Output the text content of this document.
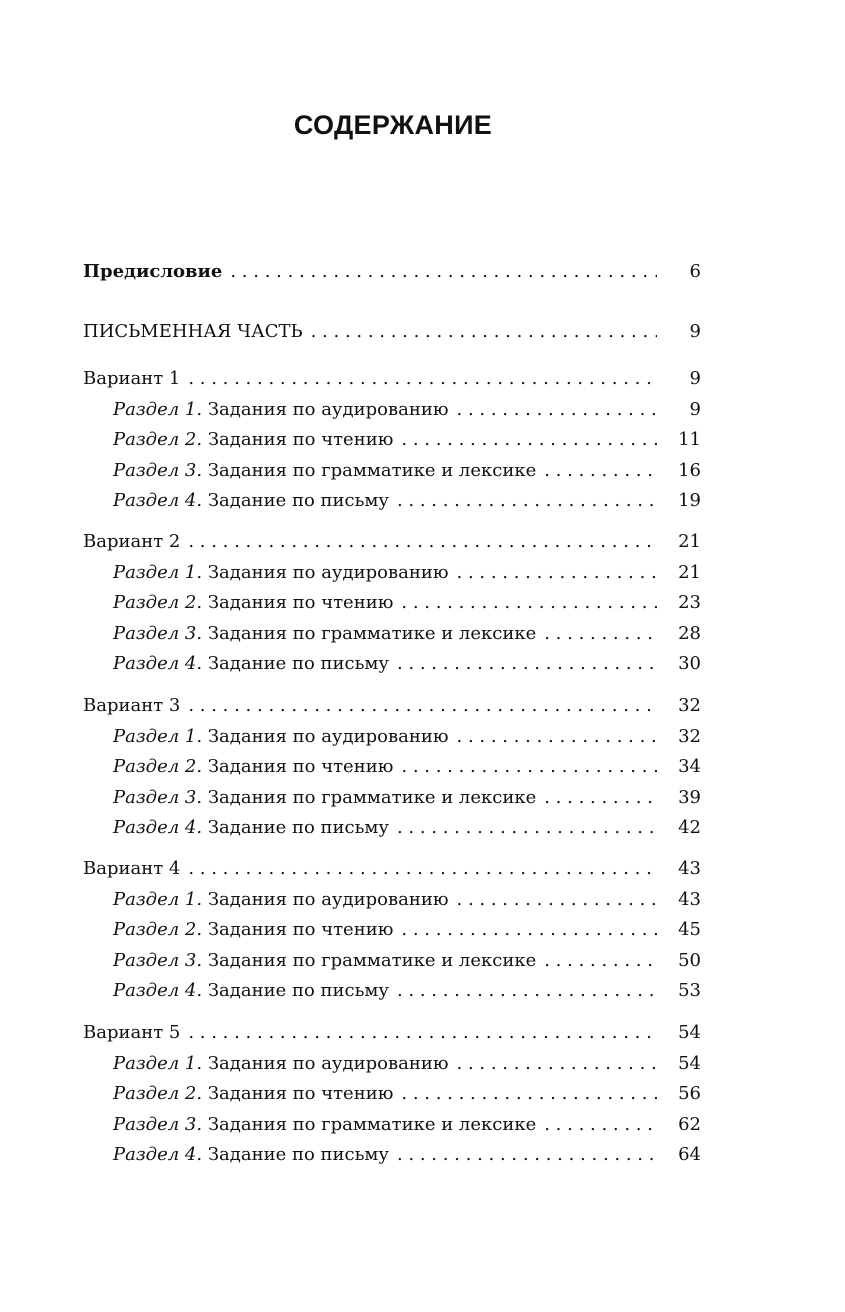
СОДЕРЖАНИЕ
Предисловие . . .	6
ПИСЬМЕННАЯ ЧАСТЬ . . .	9
Вариант 1 . . .	9
Раздел 1. Задания по аудированию . . .	9
Раздел 2. Задания по чтению . . .	11
Раздел 3. Задания по грамматике и лексике . . .	16
Раздел 4. Задание по письму . . .	19
Вариант 2 . . .	21
Раздел 1. Задания по аудированию . . .	21
Раздел 2. Задания по чтению . . .	23
Раздел 3. Задания по грамматике и лексике . . .	28
Раздел 4. Задание по письму . . .	30
Вариант 3 . . .	32
Раздел 1. Задания по аудированию . . .	32
Раздел 2. Задания по чтению . . .	34
Раздел 3. Задания по грамматике и лексике . . .	39
Раздел 4. Задание по письму . . .	42
Вариант 4 . . .	43
Раздел 1. Задания по аудированию . . .	43
Раздел 2. Задания по чтению . . .	45
Раздел 3. Задания по грамматике и лексике . . .	50
Раздел 4. Задание по письму . . .	53
Вариант 5 . . .	54
Раздел 1. Задания по аудированию . . .	54
Раздел 2. Задания по чтению . . .	56
Раздел 3. Задания по грамматике и лексике . . .	62
Раздел 4. Задание по письму . . .	64
